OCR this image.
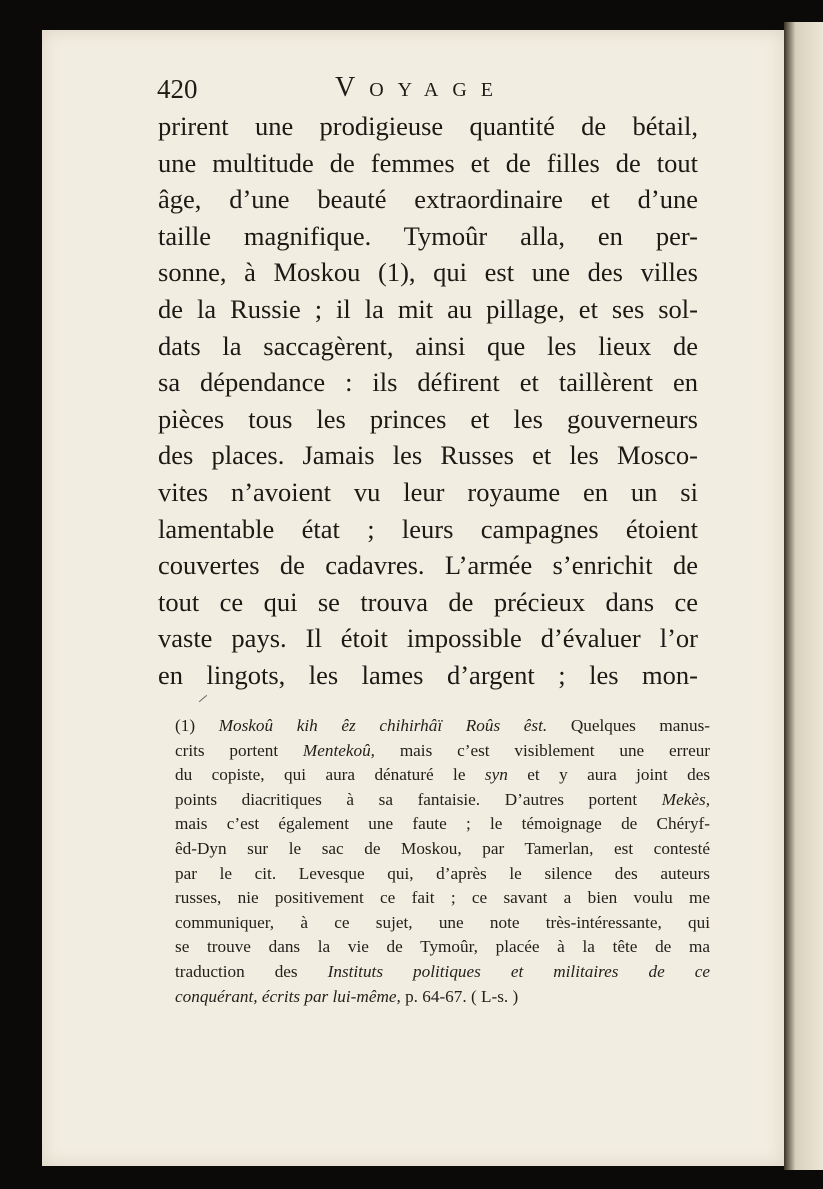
420	Voyage

prirent une prodigieuse quantité de bétail,
une multitude de femmes et de filles de tout
âge, d’une beauté extraordinaire et d’une
taille magnifique. Tymoûr alla, en per-
sonne, à Moskou (1), qui est une des villes
de la Russie ; il la mit au pillage, et ses sol-
dats la saccagèrent, ainsi que les lieux de
sa dépendance : ils défirent et taillèrent en
pièces tous les princes et les gouverneurs
des places. Jamais les Russes et les Mosco-
vites n’avoient vu leur royaume en un si
lamentable état ; leurs campagnes étoient
couvertes de cadavres. L’armée s’enrichit de
tout ce qui se trouva de précieux dans ce
vaste pays. Il étoit impossible d’évaluer l’or
en lingots, les lames d’argent ; les mon-

(1) Moskoû kih êz chihirhâï Roûs êst. Quelques manus-
crits portent Mentekoû, mais c’est visiblement une erreur
du copiste, qui aura dénaturé le syn et y aura joint des
points diacritiques à sa fantaisie. D’autres portent Mekès,
mais c’est également une faute ; le témoignage de Chéryf-
êd-Dyn sur le sac de Moskou, par Tamerlan, est contesté
par le cit. Levesque qui, d’après le silence des auteurs
russes, nie positivement ce fait ; ce savant a bien voulu me
communiquer, à ce sujet, une note très-intéressante, qui
se trouve dans la vie de Tymoûr, placée à la tête de ma
traduction des Instituts politiques et militaires de ce
conquérant, écrits par lui-même, p. 64-67. ( L-s. )
